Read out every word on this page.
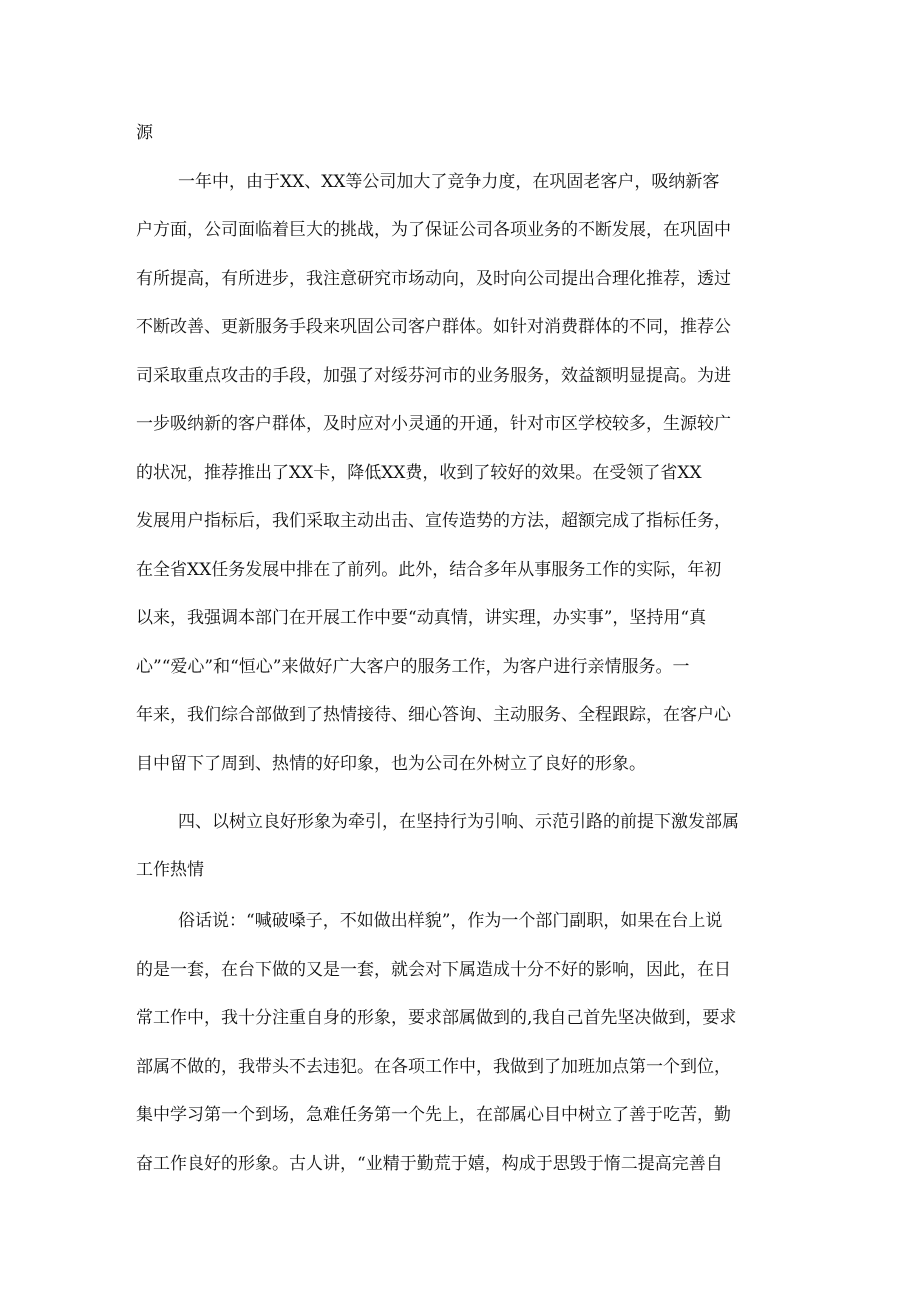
源
一年中，由于XX、XX等公司加大了竞争力度，在巩固老客户，吸纳新客
户方面，公司面临着巨大的挑战，为了保证公司各项业务的不断发展，在巩固中
有所提高，有所进步，我注意研究市场动向，及时向公司提出合理化推荐，透过
不断改善、更新服务手段来巩固公司客户群体。如针对消费群体的不同，推荐公
司采取重点攻击的手段，加强了对绥芬河市的业务服务，效益额明显提高。为进
一步吸纳新的客户群体，及时应对小灵通的开通，针对市区学校较多，生源较广
的状况，推荐推出了XX卡，降低XX费，收到了较好的效果。在受领了省XX
发展用户指标后，我们采取主动出击、宣传造势的方法，超额完成了指标任务，
在全省XX任务发展中排在了前列。此外，结合多年从事服务工作的实际，年初
以来，我强调本部门在开展工作中要“动真情，讲实理，办实事”，坚持用“真
心”“爱心”和“恒心”来做好广大客户的服务工作，为客户进行亲情服务。一
年来，我们综合部做到了热情接待、细心答询、主动服务、全程跟踪，在客户心
目中留下了周到、热情的好印象，也为公司在外树立了良好的形象。
四、以树立良好形象为牵引，在坚持行为引响、示范引路的前提下激发部属
工作热情
俗话说：“喊破嗓子，不如做出样貌”，作为一个部门副职，如果在台上说
的是一套，在台下做的又是一套，就会对下属造成十分不好的影响，因此，在日
常工作中，我十分注重自身的形象，要求部属做到的,我自己首先坚决做到，要求
部属不做的，我带头不去违犯。在各项工作中，我做到了加班加点第一个到位，
集中学习第一个到场，急难任务第一个先上，在部属心目中树立了善于吃苦，勤
奋工作良好的形象。古人讲，“业精于勤荒于嬉，构成于思毁于惰二提高完善自
